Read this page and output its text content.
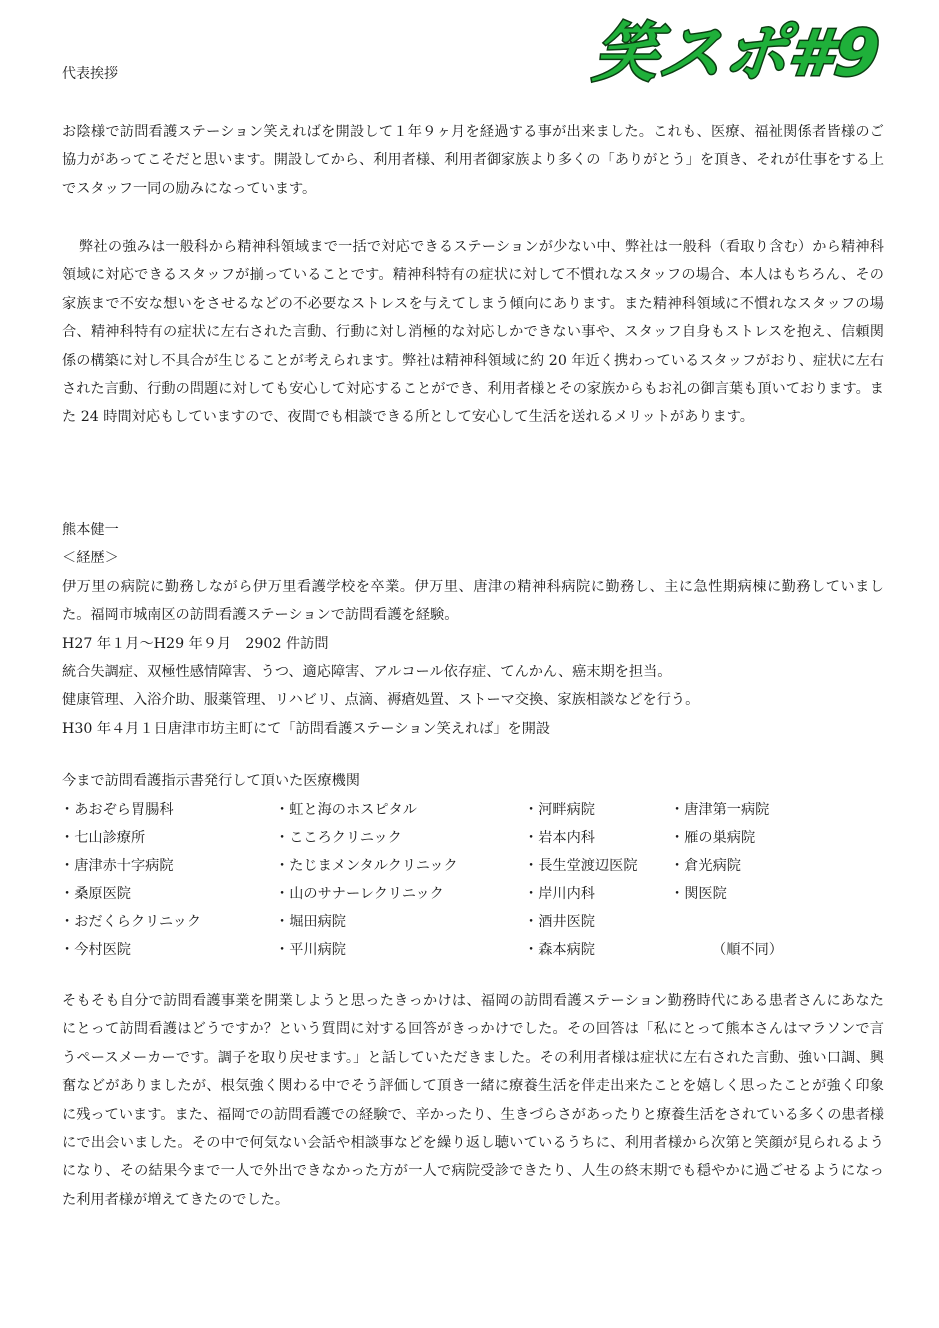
笑スポ#9
代表挨拶

お陰様で訪問看護ステーション笑えればを開設して１年９ヶ月を経過する事が出来ました。これも、医療、福祉関係者皆様のご協力があってこそだと思います。開設してから、利用者様、利用者御家族より多くの「ありがとう」を頂き、それが仕事をする上でスタッフ一同の励みになっています。

弊社の強みは一般科から精神科領域まで一括で対応できるステーションが少ない中、弊社は一般科（看取り含む）から精神科領域に対応できるスタッフが揃っていることです。精神科特有の症状に対して不慣れなスタッフの場合、本人はもちろん、その家族まで不安な想いをさせるなどの不必要なストレスを与えてしまう傾向にあります。また精神科領域に不慣れなスタッフの場合、精神科特有の症状に左右された言動、行動に対し消極的な対応しかできない事や、スタッフ自身もストレスを抱え、信頼関係の構築に対し不具合が生じることが考えられます。弊社は精神科領域に約 20 年近く携わっているスタッフがおり、症状に左右された言動、行動の問題に対しても安心して対応することができ、利用者様とその家族からもお礼の御言葉も頂いております。また 24 時間対応もしていますので、夜間でも相談できる所として安心して生活を送れるメリットがあります。

熊本健一
＜経歴＞
伊万里の病院に勤務しながら伊万里看護学校を卒業。伊万里、唐津の精神科病院に勤務し、主に急性期病棟に勤務していました。福岡市城南区の訪問看護ステーションで訪問看護を経験。
H27 年１月〜H29 年９月　2902 件訪問
統合失調症、双極性感情障害、うつ、適応障害、アルコール依存症、てんかん、癌末期を担当。
健康管理、入浴介助、服薬管理、リハビリ、点滴、褥瘡処置、ストーマ交換、家族相談などを行う。
H30 年４月１日唐津市坊主町にて「訪問看護ステーション笑えれば」を開設
今まで訪問看護指示書発行して頂いた医療機関
・あおぞら胃腸科
・七山診療所
・唐津赤十字病院
・桑原医院
・おだくらクリニック
・今村医院
・虹と海のホスピタル
・こころクリニック
・たじまメンタルクリニック
・山のサナーレクリニック
・堀田病院
・平川病院
・河畔病院
・岩本内科
・長生堂渡辺医院
・岸川内科
・酒井医院
・森本病院
・唐津第一病院
・雁の巣病院
・倉光病院
・関医院
（順不同）

そもそも自分で訪問看護事業を開業しようと思ったきっかけは、福岡の訪問看護ステーション勤務時代にある患者さんにあなたにとって訪問看護はどうですか？という質問に対する回答がきっかけでした。その回答は「私にとって熊本さんはマラソンで言うペースメーカーです。調子を取り戻せます。」と話していただきました。その利用者様は症状に左右された言動、強い口調、興奮などがありましたが、根気強く関わる中でそう評価して頂き一緒に療養生活を伴走出来たことを嬉しく思ったことが強く印象に残っています。また、福岡での訪問看護での経験で、辛かったり、生きづらさがあったりと療養生活をされている多くの患者様にで出会いました。その中で何気ない会話や相談事などを繰り返し聴いているうちに、利用者様から次第と笑顔が見られるようになり、その結果今まで一人で外出できなかった方が一人で病院受診できたり、人生の終末期でも穏やかに過ごせるようになった利用者様が増えてきたのでした。
